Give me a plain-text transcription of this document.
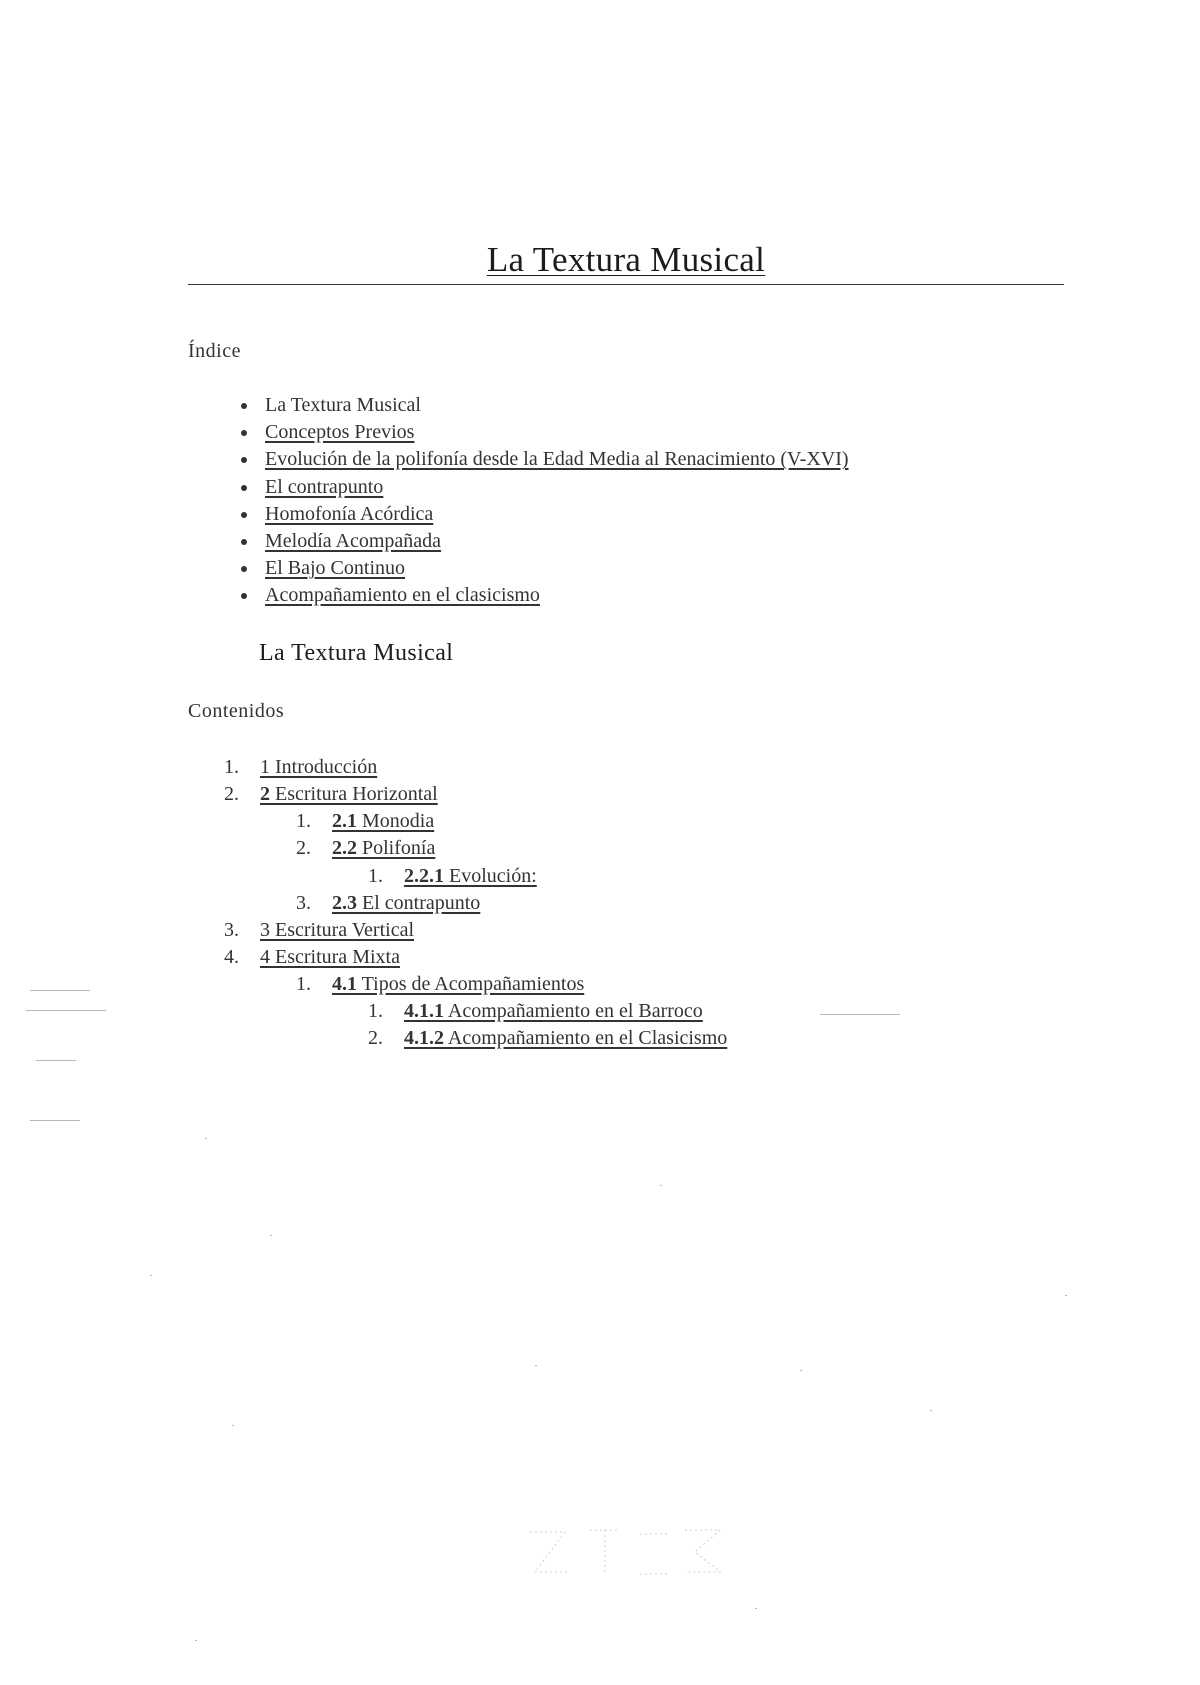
La Textura Musical
Índice
• La Textura Musical
• Conceptos Previos
• Evolución de la polifonía desde la Edad Media al Renacimiento (V-XVI)
• El contrapunto
• Homofonía Acórdica
• Melodía Acompañada
• El Bajo Continuo
• Acompañamiento en el clasicismo
La Textura Musical
Contenidos
1. 1 Introducción
2. 2 Escritura Horizontal
1. 2.1 Monodia
2. 2.2 Polifonía
1. 2.2.1 Evolución:
3. 2.3 El contrapunto
3. 3 Escritura Vertical
4. 4 Escritura Mixta
1. 4.1 Tipos de Acompañamientos
1. 4.1.1 Acompañamiento en el Barroco
2. 4.1.2 Acompañamiento en el Clasicismo
